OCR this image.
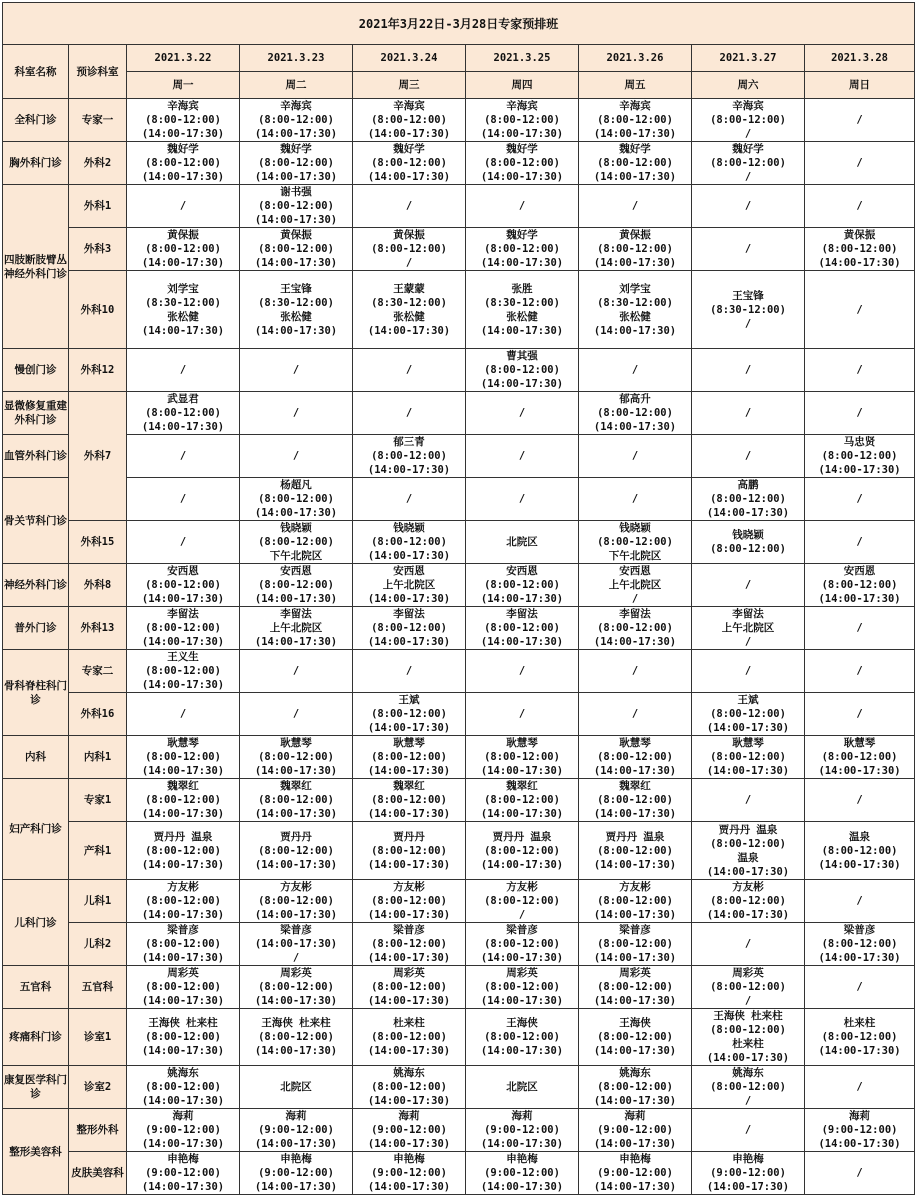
2021年3月22日-3月28日专家预排班								
科室名称	预诊科室	2021.3.22	2021.3.23	2021.3.24	2021.3.25	2021.3.26	2021.3.27	2021.3.28
		周一	周二	周三	周四	周五	周六	周日
全科门诊	专家一	辛海宾
(8:00-12:00)
(14:00-17:30)	辛海宾
(8:00-12:00)
(14:00-17:30)	辛海宾
(8:00-12:00)
(14:00-17:30)	辛海宾
(8:00-12:00)
(14:00-17:30)	辛海宾
(8:00-12:00)
(14:00-17:30)	辛海宾
(8:00-12:00)
/	/

胸外科门诊	外科2	魏好学
(8:00-12:00)
(14:00-17:30)	魏好学
(8:00-12:00)
(14:00-17:30)	魏好学
(8:00-12:00)
(14:00-17:30)	魏好学
(8:00-12:00)
(14:00-17:30)	魏好学
(8:00-12:00)
(14:00-17:30)	魏好学
(8:00-12:00)
/	/

四肢断肢臂丛神经外科门诊	外科1	/	谢书强
(8:00-12:00)
(14:00-17:30)	/	/	/	/	/

	外科3	黄保振
(8:00-12:00)
(14:00-17:30)	黄保振
(8:00-12:00)
(14:00-17:30)	黄保振
(8:00-12:00)
/	魏好学
(8:00-12:00)
(14:00-17:30)	黄保振
(8:00-12:00)
(14:00-17:30)	/	黄保振
(8:00-12:00)
(14:00-17:30)

	外科10	刘学宝
(8:30-12:00)
张松健
(14:00-17:30)	王宝锋
(8:30-12:00)
张松健
(14:00-17:30)	王蒙蒙
(8:30-12:00)
张松健
(14:00-17:30)	张胜
(8:30-12:00)
张松健
(14:00-17:30)	刘学宝
(8:30-12:00)
张松健
(14:00-17:30)	王宝锋
(8:30-12:00)
/	/

慢创门诊	外科12	/	/	/	曹其强
(8:00-12:00)
(14:00-17:30)	/	/	/

显微修复重建外科门诊	外科7	武显君
(8:00-12:00)
(14:00-17:30)	/	/	/	郁高升
(8:00-12:00)
(14:00-17:30)	/	/

血管外科门诊		/	/	郁三青
(8:00-12:00)
(14:00-17:30)	/	/	/	马忠贤
(8:00-12:00)
(14:00-17:30)

骨关节科门诊		/	杨超凡
(8:00-12:00)
(14:00-17:30)	/	/	/	高鹏
(8:00-12:00)
(14:00-17:30)	/

	外科15	/	钱晓颖
(8:00-12:00)
下午北院区	钱晓颖
(8:00-12:00)
(14:00-17:30)	北院区	钱晓颖
(8:00-12:00)
下午北院区	钱晓颖
(8:00-12:00)	/

神经外科门诊	外科8	安西恩
(8:00-12:00)
(14:00-17:30)	安西恩
(8:00-12:00)
(14:00-17:30)	安西恩
上午北院区
(14:00-17:30)	安西恩
(8:00-12:00)
(14:00-17:30)	安西恩
上午北院区
/	/	安西恩
(8:00-12:00)
(14:00-17:30)

普外门诊	外科13	李留法
(8:00-12:00)
(14:00-17:30)	李留法
上午北院区
(14:00-17:30)	李留法
(8:00-12:00)
(14:00-17:30)	李留法
(8:00-12:00)
(14:00-17:30)	李留法
(8:00-12:00)
(14:00-17:30)	李留法
上午北院区
/	/

骨科脊柱科门诊	专家二	王义生
(8:00-12:00)
(14:00-17:30)	/	/	/	/	/	/

	外科16	/	/	王斌
(8:00-12:00)
(14:00-17:30)	/	/	王斌
(8:00-12:00)
(14:00-17:30)	/

内科	内科1	耿慧琴
(8:00-12:00)
(14:00-17:30)	耿慧琴
(8:00-12:00)
(14:00-17:30)	耿慧琴
(8:00-12:00)
(14:00-17:30)	耿慧琴
(8:00-12:00)
(14:00-17:30)	耿慧琴
(8:00-12:00)
(14:00-17:30)	耿慧琴
(8:00-12:00)
(14:00-17:30)	耿慧琴
(8:00-12:00)
(14:00-17:30)

妇产科门诊	专家1	魏翠红
(8:00-12:00)
(14:00-17:30)	魏翠红
(8:00-12:00)
(14:00-17:30)	魏翠红
(8:00-12:00)
(14:00-17:30)	魏翠红
(8:00-12:00)
(14:00-17:30)	魏翠红
(8:00-12:00)
(14:00-17:30)	/	/

	产科1	贾丹丹 温泉
(8:00-12:00)
(14:00-17:30)	贾丹丹
(8:00-12:00)
(14:00-17:30)	贾丹丹
(8:00-12:00)
(14:00-17:30)	贾丹丹 温泉
(8:00-12:00)
(14:00-17:30)	贾丹丹 温泉
(8:00-12:00)
(14:00-17:30)	贾丹丹 温泉
(8:00-12:00)
温泉
(14:00-17:30)	温泉
(8:00-12:00)
(14:00-17:30)

儿科门诊	儿科1	方友彬
(8:00-12:00)
(14:00-17:30)	方友彬
(8:00-12:00)
(14:00-17:30)	方友彬
(8:00-12:00)
(14:00-17:30)	方友彬
(8:00-12:00)
/	方友彬
(8:00-12:00)
(14:00-17:30)	方友彬
(8:00-12:00)
(14:00-17:30)	/

	儿科2	梁普彦
(8:00-12:00)
(14:00-17:30)	梁普彦
(14:00-17:30)
/	梁普彦
(8:00-12:00)
(14:00-17:30)	梁普彦
(8:00-12:00)
(14:00-17:30)	梁普彦
(8:00-12:00)
(14:00-17:30)	/	梁普彦
(8:00-12:00)
(14:00-17:30)

五官科	五官科	周彩英
(8:00-12:00)
(14:00-17:30)	周彩英
(8:00-12:00)
(14:00-17:30)	周彩英
(8:00-12:00)
(14:00-17:30)	周彩英
(8:00-12:00)
(14:00-17:30)	周彩英
(8:00-12:00)
(14:00-17:30)	周彩英
(8:00-12:00)
/	/

疼痛科门诊	诊室1	王海侠 杜来柱
(8:00-12:00)
(14:00-17:30)	王海侠 杜来柱
(8:00-12:00)
(14:00-17:30)	杜来柱
(8:00-12:00)
(14:00-17:30)	王海侠
(8:00-12:00)
(14:00-17:30)	王海侠
(8:00-12:00)
(14:00-17:30)	王海侠 杜来柱
(8:00-12:00)
杜来柱
(14:00-17:30)	杜来柱
(8:00-12:00)
(14:00-17:30)

康复医学科门诊	诊室2	姚海东
(8:00-12:00)
(14:00-17:30)	北院区	姚海东
(8:00-12:00)
(14:00-17:30)	北院区	姚海东
(8:00-12:00)
(14:00-17:30)	姚海东
(8:00-12:00)
/	/

整形美容科	整形外科	海莉
(9:00-12:00)
(14:00-17:30)	海莉
(9:00-12:00)
(14:00-17:30)	海莉
(9:00-12:00)
(14:00-17:30)	海莉
(9:00-12:00)
(14:00-17:30)	海莉
(9:00-12:00)
(14:00-17:30)	/	海莉
(9:00-12:00)
(14:00-17:30)

	皮肤美容科	申艳梅
(9:00-12:00)
(14:00-17:30)	申艳梅
(9:00-12:00)
(14:00-17:30)	申艳梅
(9:00-12:00)
(14:00-17:30)	申艳梅
(9:00-12:00)
(14:00-17:30)	申艳梅
(9:00-12:00)
(14:00-17:30)	申艳梅
(9:00-12:00)
(14:00-17:30)	/
